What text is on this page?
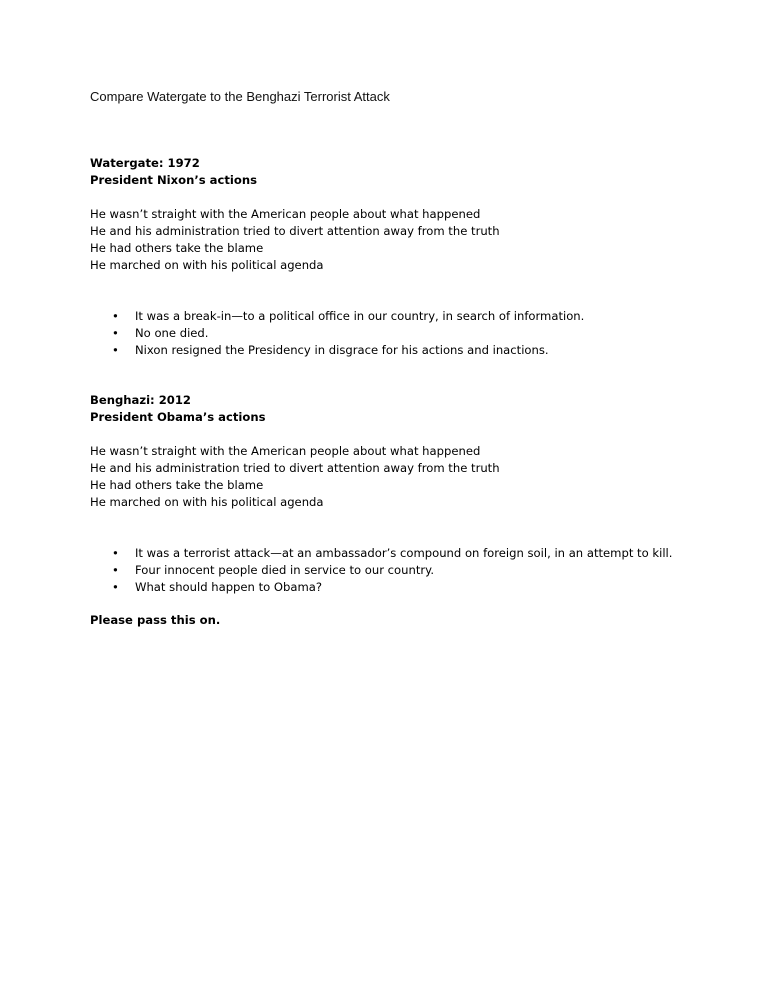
Compare Watergate to the Benghazi Terrorist Attack
Watergate: 1972
President Nixon’s actions
He wasn’t straight with the American people about what happened
He and his administration tried to divert attention away from the truth
He had others take the blame
He marched on with his political agenda
• It was a break-in—to a political office in our country, in search of information.
• No one died.
• Nixon resigned the Presidency in disgrace for his actions and inactions.
Benghazi: 2012
President Obama’s actions
He wasn’t straight with the American people about what happened
He and his administration tried to divert attention away from the truth
He had others take the blame
He marched on with his political agenda
• It was a terrorist attack—at an ambassador’s compound on foreign soil, in an attempt to kill.
• Four innocent people died in service to our country.
• What should happen to Obama?
Please pass this on.
